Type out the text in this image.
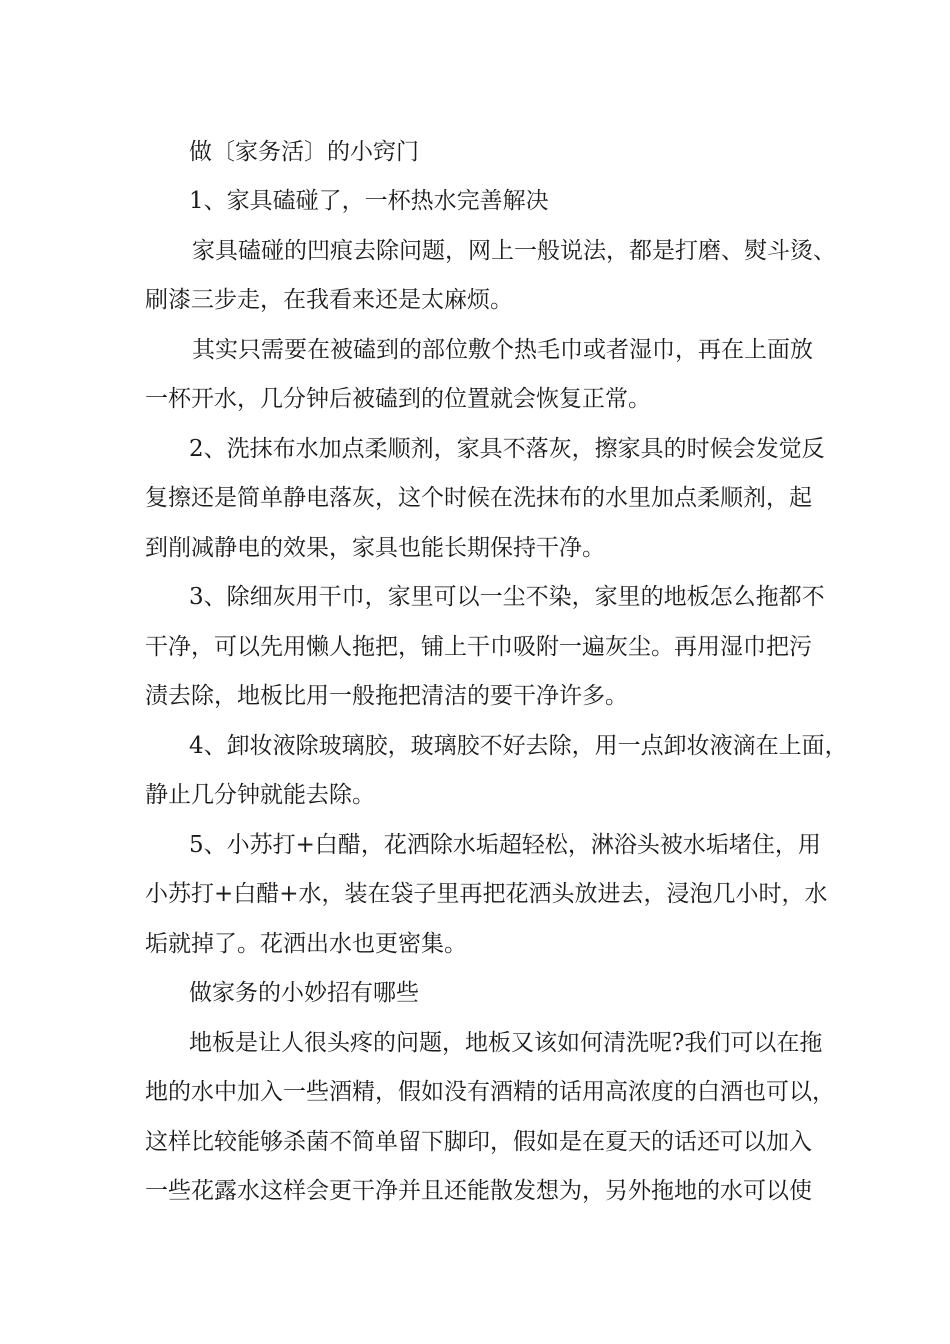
做〔家务活〕的小窍门
1、家具磕碰了，一杯热水完善解决
家具磕碰的凹痕去除问题，网上一般说法，都是打磨、熨斗烫、
刷漆三步走，在我看来还是太麻烦。
其实只需要在被磕到的部位敷个热毛巾或者湿巾，再在上面放
一杯开水，几分钟后被磕到的位置就会恢复正常。
2、洗抹布水加点柔顺剂，家具不落灰，擦家具的时候会发觉反
复擦还是简单静电落灰，这个时候在洗抹布的水里加点柔顺剂，起
到削减静电的效果，家具也能长期保持干净。
3、除细灰用干巾，家里可以一尘不染，家里的地板怎么拖都不
干净，可以先用懒人拖把，铺上干巾吸附一遍灰尘。再用湿巾把污
渍去除，地板比用一般拖把清洁的要干净许多。
4、卸妆液除玻璃胶，玻璃胶不好去除，用一点卸妆液滴在上面，
静止几分钟就能去除。
5、小苏打+白醋，花洒除水垢超轻松，淋浴头被水垢堵住，用
小苏打+白醋+水，装在袋子里再把花洒头放进去，浸泡几小时，水
垢就掉了。花洒出水也更密集。
做家务的小妙招有哪些
地板是让人很头疼的问题，地板又该如何清洗呢?我们可以在拖
地的水中加入一些酒精，假如没有酒精的话用高浓度的白酒也可以，
这样比较能够杀菌不简单留下脚印，假如是在夏天的话还可以加入
一些花露水这样会更干净并且还能散发想为，另外拖地的水可以使
